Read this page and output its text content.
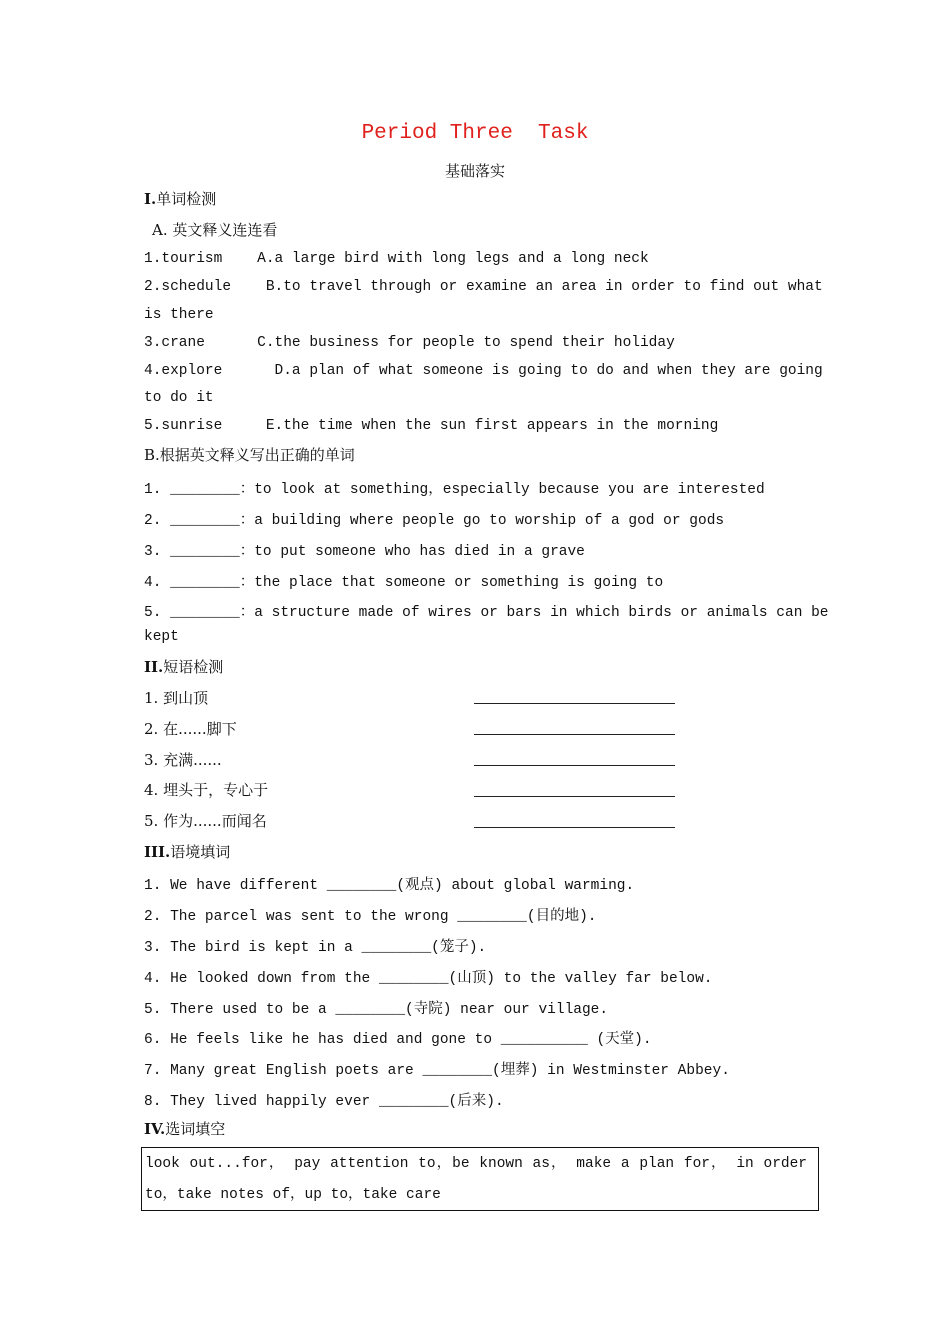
Period Three  Task
基础落实
I.单词检测
A. 英文释义连连看
1.tourism    A.a large bird with long legs and a long neck
2.schedule    B.to travel through or examine an area in order to find out what
is there
3.crane      C.the business for people to spend their holiday
4.explore      D.a plan of what someone is going to do and when they are going
to do it
5.sunrise     E.the time when the sun first appears in the morning
B.根据英文释义写出正确的单词
1. ________：to look at something，especially because you are interested
2. ________：a building where people go to worship of a god or gods
3. ________：to put someone who has died in a grave
4. ________：the place that someone or something is going to
5. ________：a structure made of wires or bars in which birds or animals can be
kept
II.短语检测
1. 到山顶
2. 在......脚下
3. 充满......
4. 埋头于，专心于
5. 作为......而闻名
III.语境填词
1. We have different ________(观点) about global warming.
2. The parcel was sent to the wrong ________(目的地).
3. The bird is kept in a ________(笼子).
4. He looked down from the ________(山顶) to the valley far below.
5. There used to be a ________(寺院) near our village.
6. He feels like he has died and gone to __________ (天堂).
7. Many great English poets are ________(埋葬) in Westminster Abbey.
8. They lived happily ever ________(后来).
IV.选词填空
look out...for， pay attention to，be known as， make a plan for， in order
to，take notes of，up to，take care
